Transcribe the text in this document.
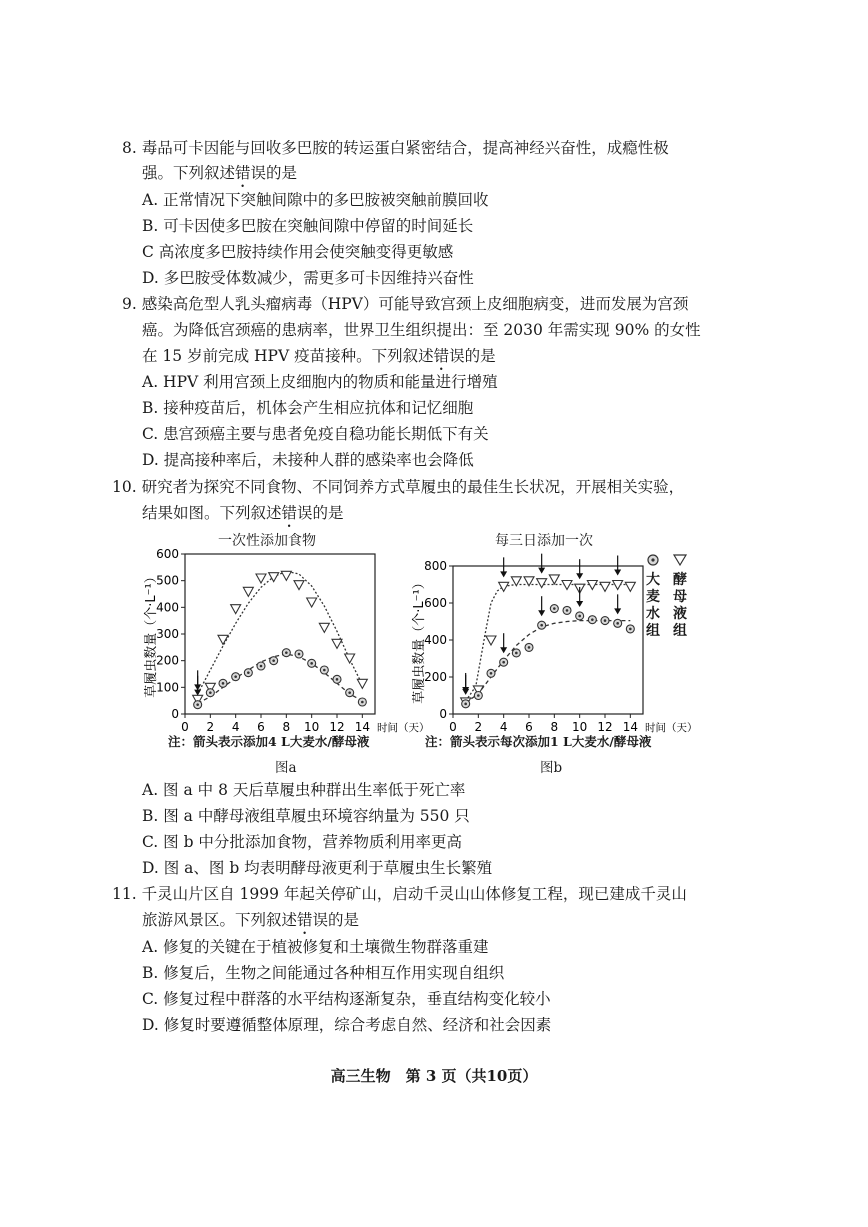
8. 毒品可卡因能与回收多巴胺的转运蛋白紧密结合，提高神经兴奋性，成瘾性极
强。下列叙述错误的是
A. 正常情况下突触间隙中的多巴胺被突触前膜回收
B. 可卡因使多巴胺在突触间隙中停留的时间延长
C 高浓度多巴胺持续作用会使突触变得更敏感
D. 多巴胺受体数减少，需更多可卡因维持兴奋性
9. 感染高危型人乳头瘤病毒（HPV）可能导致宫颈上皮细胞病变，进而发展为宫颈
癌。为降低宫颈癌的患病率，世界卫生组织提出：至 2030 年需实现 90% 的女性
在 15 岁前完成 HPV 疫苗接种。下列叙述错误的是
A. HPV 利用宫颈上皮细胞内的物质和能量进行增殖
B. 接种疫苗后，机体会产生相应抗体和记忆细胞
C. 患宫颈癌主要与患者免疫自稳功能长期低下有关
D. 提高接种率后，未接种人群的感染率也会降低
10. 研究者为探究不同食物、不同饲养方式草履虫的最佳生长状况，开展相关实验，
结果如图。下列叙述错误的是
一次性添加食物
0
100
200
300
400
500
600
0 2 4 6 8 10 12 14 时间（天）
草履虫数量（个·L⁻¹）
注：箭头表示添加4 L大麦水/酵母液
图a
每三日添加一次
0
200
400
600
800
0 2 4 6 8 10 12 14 时间（天）
草履虫数量（个·L⁻¹）
注：箭头表示每次添加1 L大麦水/酵母液
图b
大麦水组
酵母液组
A. 图 a 中 8 天后草履虫种群出生率低于死亡率
B. 图 a 中酵母液组草履虫环境容纳量为 550 只
C. 图 b 中分批添加食物，营养物质利用率更高
D. 图 a、图 b 均表明酵母液更利于草履虫生长繁殖
11. 千灵山片区自 1999 年起关停矿山，启动千灵山山体修复工程，现已建成千灵山
旅游风景区。下列叙述错误的是
A. 修复的关键在于植被修复和土壤微生物群落重建
B. 修复后，生物之间能通过各种相互作用实现自组织
C. 修复过程中群落的水平结构逐渐复杂，垂直结构变化较小
D. 修复时要遵循整体原理，综合考虑自然、经济和社会因素
高三生物　第 3 页（共10页）
